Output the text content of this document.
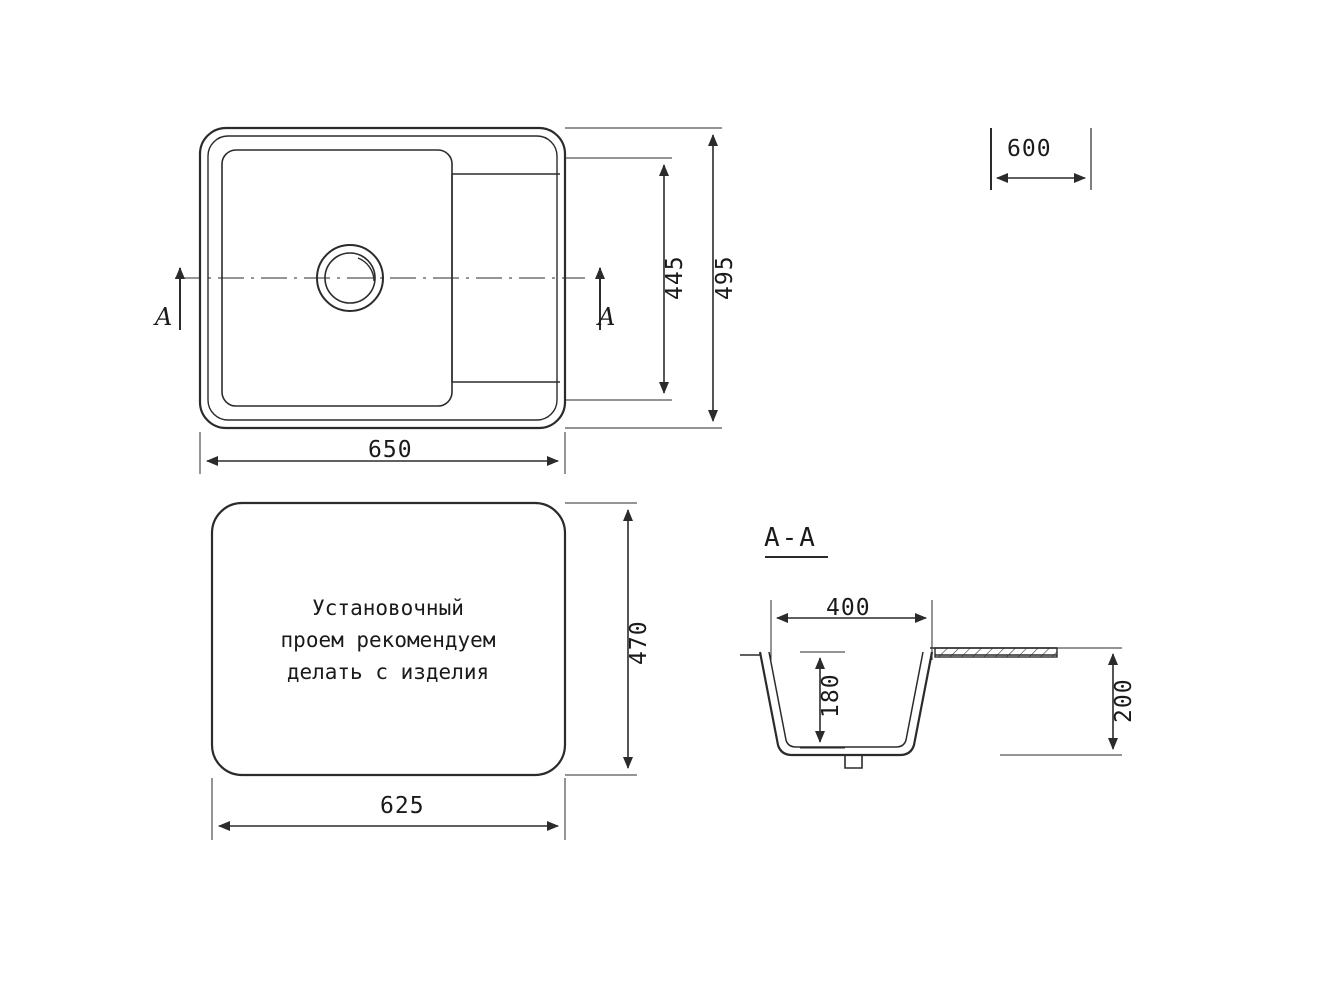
650
495
445
A	A
600
Установочный
проем рекомендуем
делать с изделия
625
470
А-А
400
180	200
